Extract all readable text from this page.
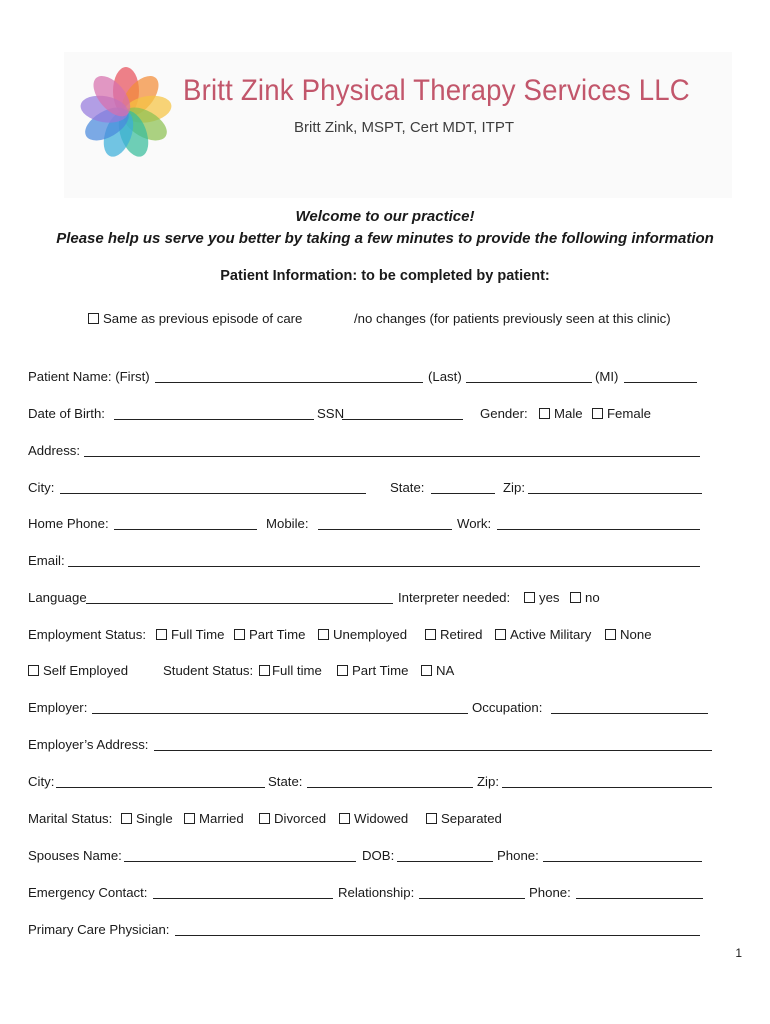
Britt Zink Physical Therapy Services LLC
Britt Zink, MSPT, Cert MDT, ITPT
Welcome to our practice!
Please help us serve you better by taking a few minutes to provide the following information
Patient Information: to be completed by patient:
Same as previous episode of care	/no changes (for patients previously seen at this clinic)
Patient Name: (First)	(Last)	(MI)
Date of Birth:	SSN	Gender:	Male	Female
Address:
City:	State:	Zip:
Home Phone:	Mobile:	Work:
Email:
Language	Interpreter needed:	yes	no
Employment Status:	Full Time	Part Time	Unemployed	Retired	Active Military	None
Self Employed	Student Status:	Full time	Part Time	NA
Employer:	Occupation:
Employer’s Address:
City:	State:	Zip:
Marital Status:	Single	Married	Divorced	Widowed	Separated
Spouses Name:	DOB:	Phone:
Emergency Contact:	Relationship:	Phone:
Primary Care Physician:
1
